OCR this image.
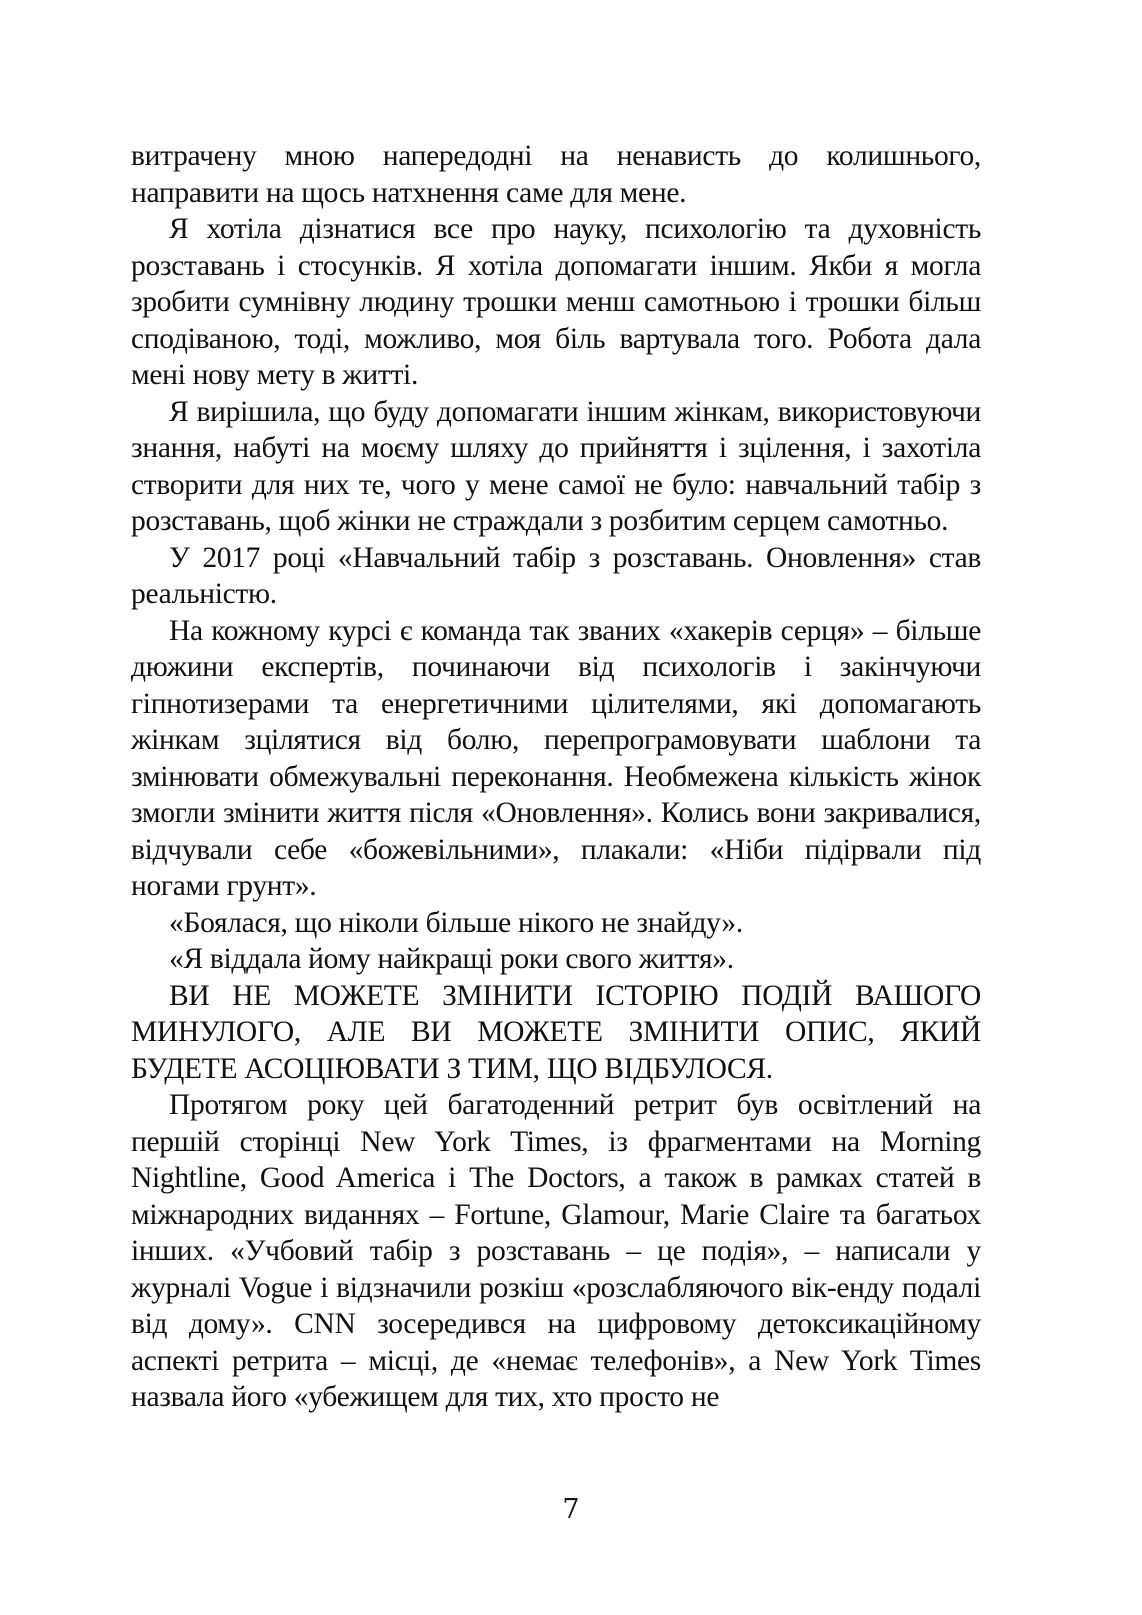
витрачену мною напередодні на ненависть до колишнього, направити на щось натхнення саме для мене.

Я хотіла дізнатися все про науку, психологію та духовність розставань і стосунків. Я хотіла допомагати іншим. Якби я могла зробити сумнівну людину трошки менш самотньою і трошки більш сподіваною, тоді, можливо, моя біль вартувала того. Робота дала мені нову мету в житті.

Я вирішила, що буду допомагати іншим жінкам, використовуючи знання, набуті на моєму шляху до прийняття і зцілення, і захотіла створити для них те, чого у мене самої не було: навчальний табір з розставань, щоб жінки не страждали з розбитим серцем самотньо.

У 2017 році «Навчальний табір з розставань. Оновлення» став реальністю.

На кожному курсі є команда так званих «хакерів серця» – більше дюжини експертів, починаючи від психологів і закінчуючи гіпнотизерами та енергетичними цілителями, які допомагають жінкам зцілятися від болю, перепрограмовувати шаблони та змінювати обмежувальні переконання. Необмежена кількість жінок змогли змінити життя після «Оновлення». Колись вони закривалися, відчували себе «божевільними», плакали: «Ніби підірвали під ногами грунт».

«Боялася, що ніколи більше нікого не знайду».

«Я віддала йому найкращі роки свого життя».

ВИ НЕ МОЖЕТЕ ЗМІНИТИ ІСТОРІЮ ПОДІЙ ВАШОГО МИНУЛОГО, АЛЕ ВИ МОЖЕТЕ ЗМІНИТИ ОПИС, ЯКИЙ БУДЕТЕ АСОЦІЮВАТИ З ТИМ, ЩО ВІДБУЛОСЯ.

Протягом року цей багатоденний ретрит був освітлений на першій сторінці New York Times, із фрагментами на Morning Nightline, Good America і The Doctors, а також в рамках статей в міжнародних виданнях – Fortune, Glamour, Marie Claire та багатьох інших. «Учбовий табір з розставань – це подія», – написали у журналі Vogue і відзначили розкіш «розслабляючого вік-енду подалі від дому». CNN зосередився на цифровому детоксикаційному аспекті ретрита – місці, де «немає телефонів», а New York Times назвала його «убежищем для тих, хто просто не

7
